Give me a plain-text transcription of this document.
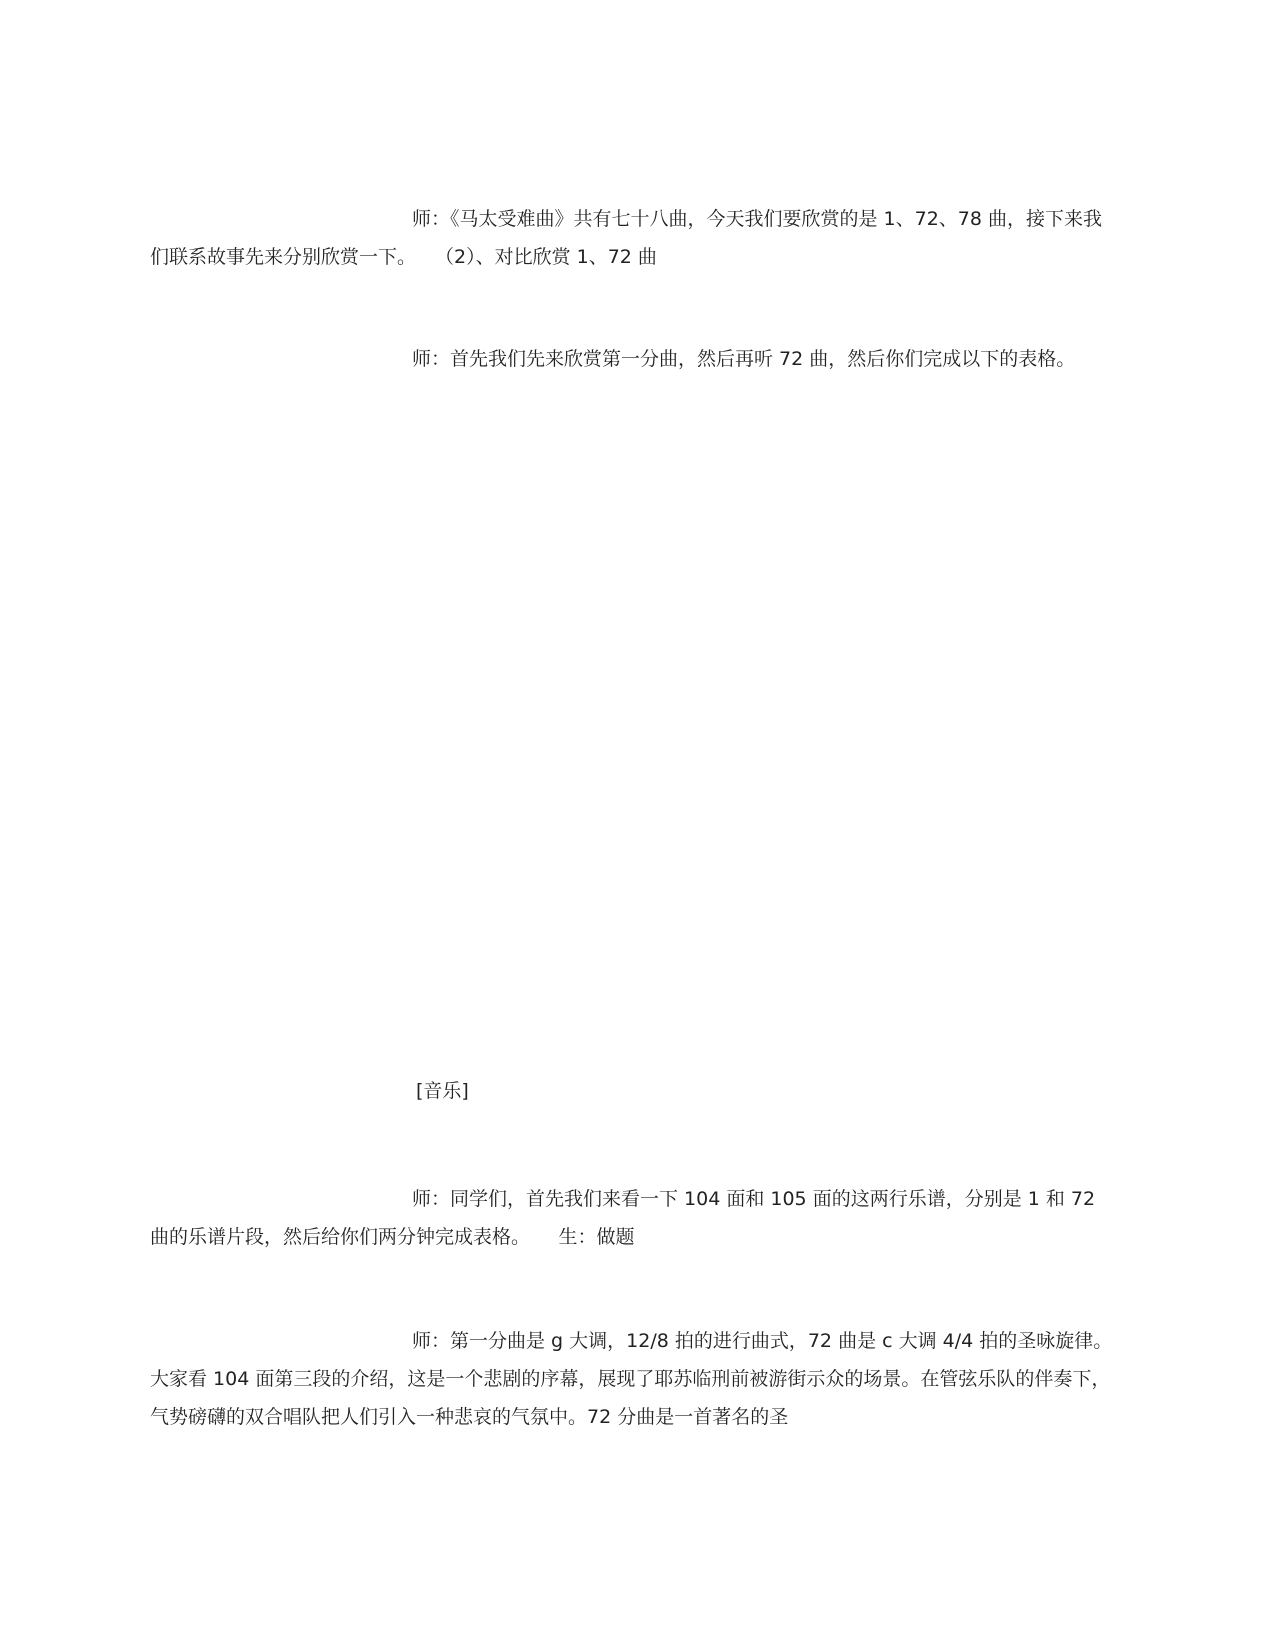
师：《马太受难曲》共有七十八曲，今天我们要欣赏的是 1、72、78 曲，接下来我们联系故事先来分别欣赏一下。　　（2）、对比欣赏 1、72 曲

师：首先我们先来欣赏第一分曲，然后再听 72 曲，然后你们完成以下的表格。

[音乐]

师：同学们，首先我们来看一下 104 面和 105 面的这两行乐谱，分别是 1 和 72 曲的乐谱片段，然后给你们两分钟完成表格。　　生：做题

师：第一分曲是 g 大调，12/8 拍的进行曲式，72 曲是 c 大调 4/4 拍的圣咏旋律。大家看 104 面第三段的介绍，这是一个悲剧的序幕，展现了耶苏临刑前被游街示众的场景。在管弦乐队的伴奏下，气势磅礴的双合唱队把人们引入一种悲哀的气氛中。72 分曲是一首著名的圣
